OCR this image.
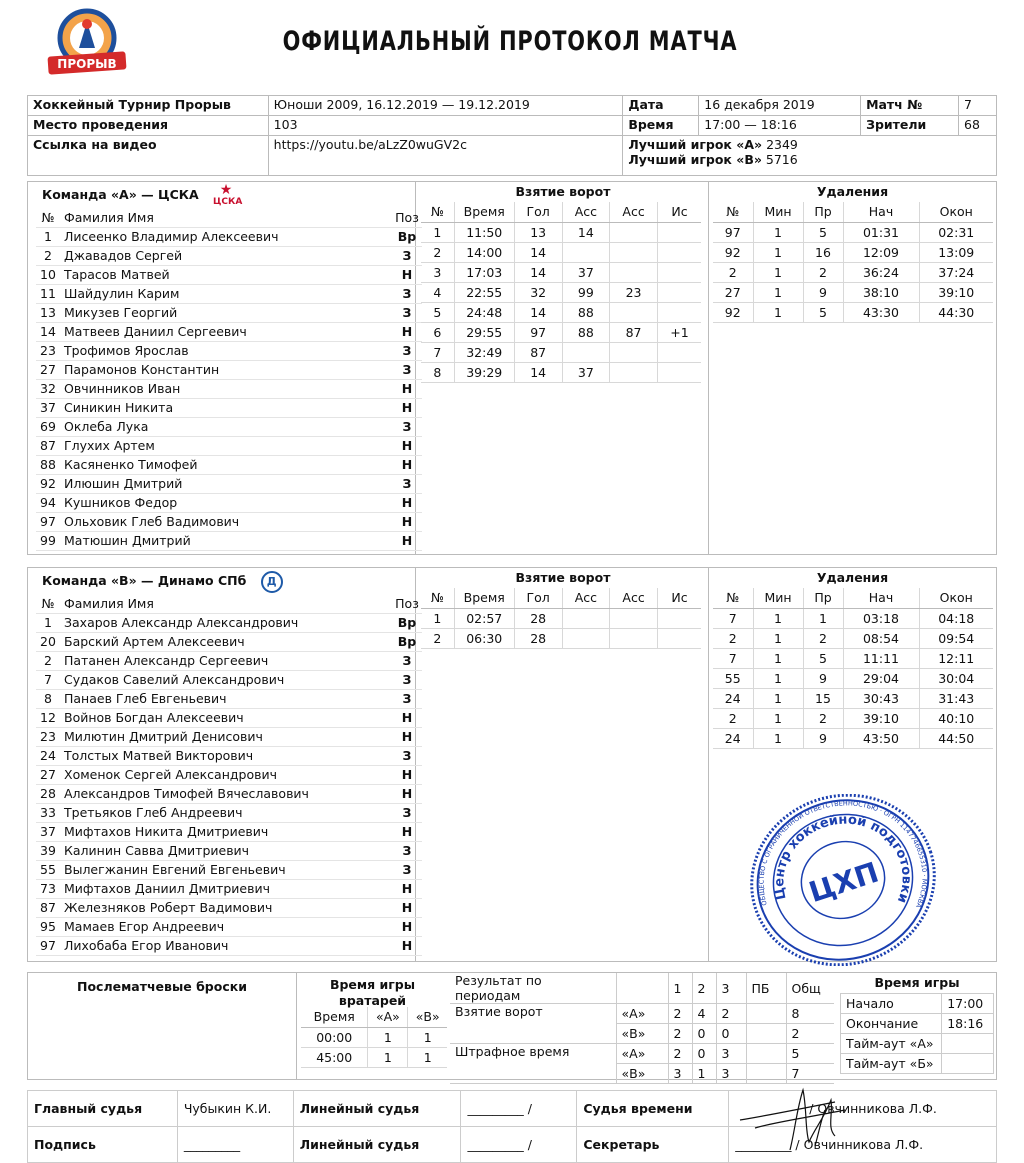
ПРОРЫВ
ОФИЦИАЛЬНЫЙ ПРОТОКОЛ МАТЧА
Хоккейный Турнир Прорыв	Юноши 2009, 16.12.2019 — 19.12.2019	Дата	16 декабря 2019	Матч №	7
Место проведения	103	Время	17:00 — 18:16	Зрители	68
Ссылка на видео	https://youtu.be/aLzZ0wuGV2c	Лучший игрок «А» 2349
Лучший игрок «В» 5716			
Команда «А» — ЦСКА ★
ЦСКА
№	Фамилия Имя	Поз
1	Лисеенко Владимир Алексеевич	Вр
2	Джавадов Сергей	З
10	Тарасов Матвей	Н
11	Шайдулин Карим	З
13	Микузев Георгий	З
14	Матвеев Даниил Сергеевич	Н
23	Трофимов Ярослав	З
27	Парамонов Константин	З
32	Овчинников Иван	Н
37	Синикин Никита	Н
69	Оклеба Лука	З
87	Глухих Артем	Н
88	Касяненко Тимофей	Н
92	Илюшин Дмитрий	З
94	Кушников Федор	Н
97	Ольховик Глеб Вадимович	Н
99	Матюшин Дмитрий	Н
Взятие ворот
№	Время	Гол	Асс	Асс	Ис
1	11:50	13	14		
2	14:00	14			
3	17:03	14	37		
4	22:55	32	99	23	
5	24:48	14	88		
6	29:55	97	88	87	+1
7	32:49	87			
8	39:29	14	37		
Удаления
№	Мин	Пр	Нач	Окон
97	1	5	01:31	02:31
92	1	16	12:09	13:09
2	1	2	36:24	37:24
27	1	9	38:10	39:10
92	1	5	43:30	44:30
Команда «В» — Динамо СПб Д
№	Фамилия Имя	Поз
1	Захаров Александр Александрович	Вр
20	Барский Артем Алексеевич	Вр
2	Патанен Александр Сергеевич	З
7	Судаков Савелий Александрович	З
8	Панаев Глеб Евгеньевич	З
12	Войнов Богдан Алексеевич	Н
23	Милютин Дмитрий Денисович	Н
24	Толстых Матвей Викторович	З
27	Хоменок Сергей Александрович	Н
28	Александров Тимофей Вячеславович	Н
33	Третьяков Глеб Андреевич	З
37	Мифтахов Никита Дмитриевич	Н
39	Калинин Савва Дмитриевич	З
55	Вылегжанин Евгений Евгеньевич	З
73	Мифтахов Даниил Дмитриевич	Н
87	Железняков Роберт Вадимович	Н
95	Мамаев Егор Андреевич	Н
97	Лихобаба Егор Иванович	Н
Взятие ворот
№	Время	Гол	Асс	Асс	Ис
1	02:57	28			
2	06:30	28			
Удаления
№	Мин	Пр	Нач	Окон
7	1	1	03:18	04:18
2	1	2	08:54	09:54
7	1	5	11:11	12:11
55	1	9	29:04	30:04
24	1	15	30:43	31:43
2	1	2	39:10	40:10
24	1	9	43:50	44:50
ОБЩЕСТВО С ОГРАНИЧЕННОЙ ОТВЕТСТВЕННОСТЬЮ · ОГРН 1147746655310 · МОСКВА
Центр хоккейной подготовки
ЦХП
Послематчевые броски	Время игры вратарей
Время	«А»	«В»
00:00	1	1
45:00	1	1
Результат по периодам		1	2	3	ПБ	Общ
Взятие ворот	«А»	2	4	2		8
	«В»	2	0	0		2
Штрафное время	«А»	2	0	3		5
	«В»	3	1	3		7
Время игры
Начало	17:00
Окончание	18:16
Тайм-аут «А»	
Тайм-аут «Б»	
Главный судья	Чубыкин К.И.	Линейный судья	_________ /	Судья времени	/ Овчинникова Л.Ф.
Подпись	_________	Линейный судья	_________ /	Секретарь	_________ / Овчинникова Л.Ф.
